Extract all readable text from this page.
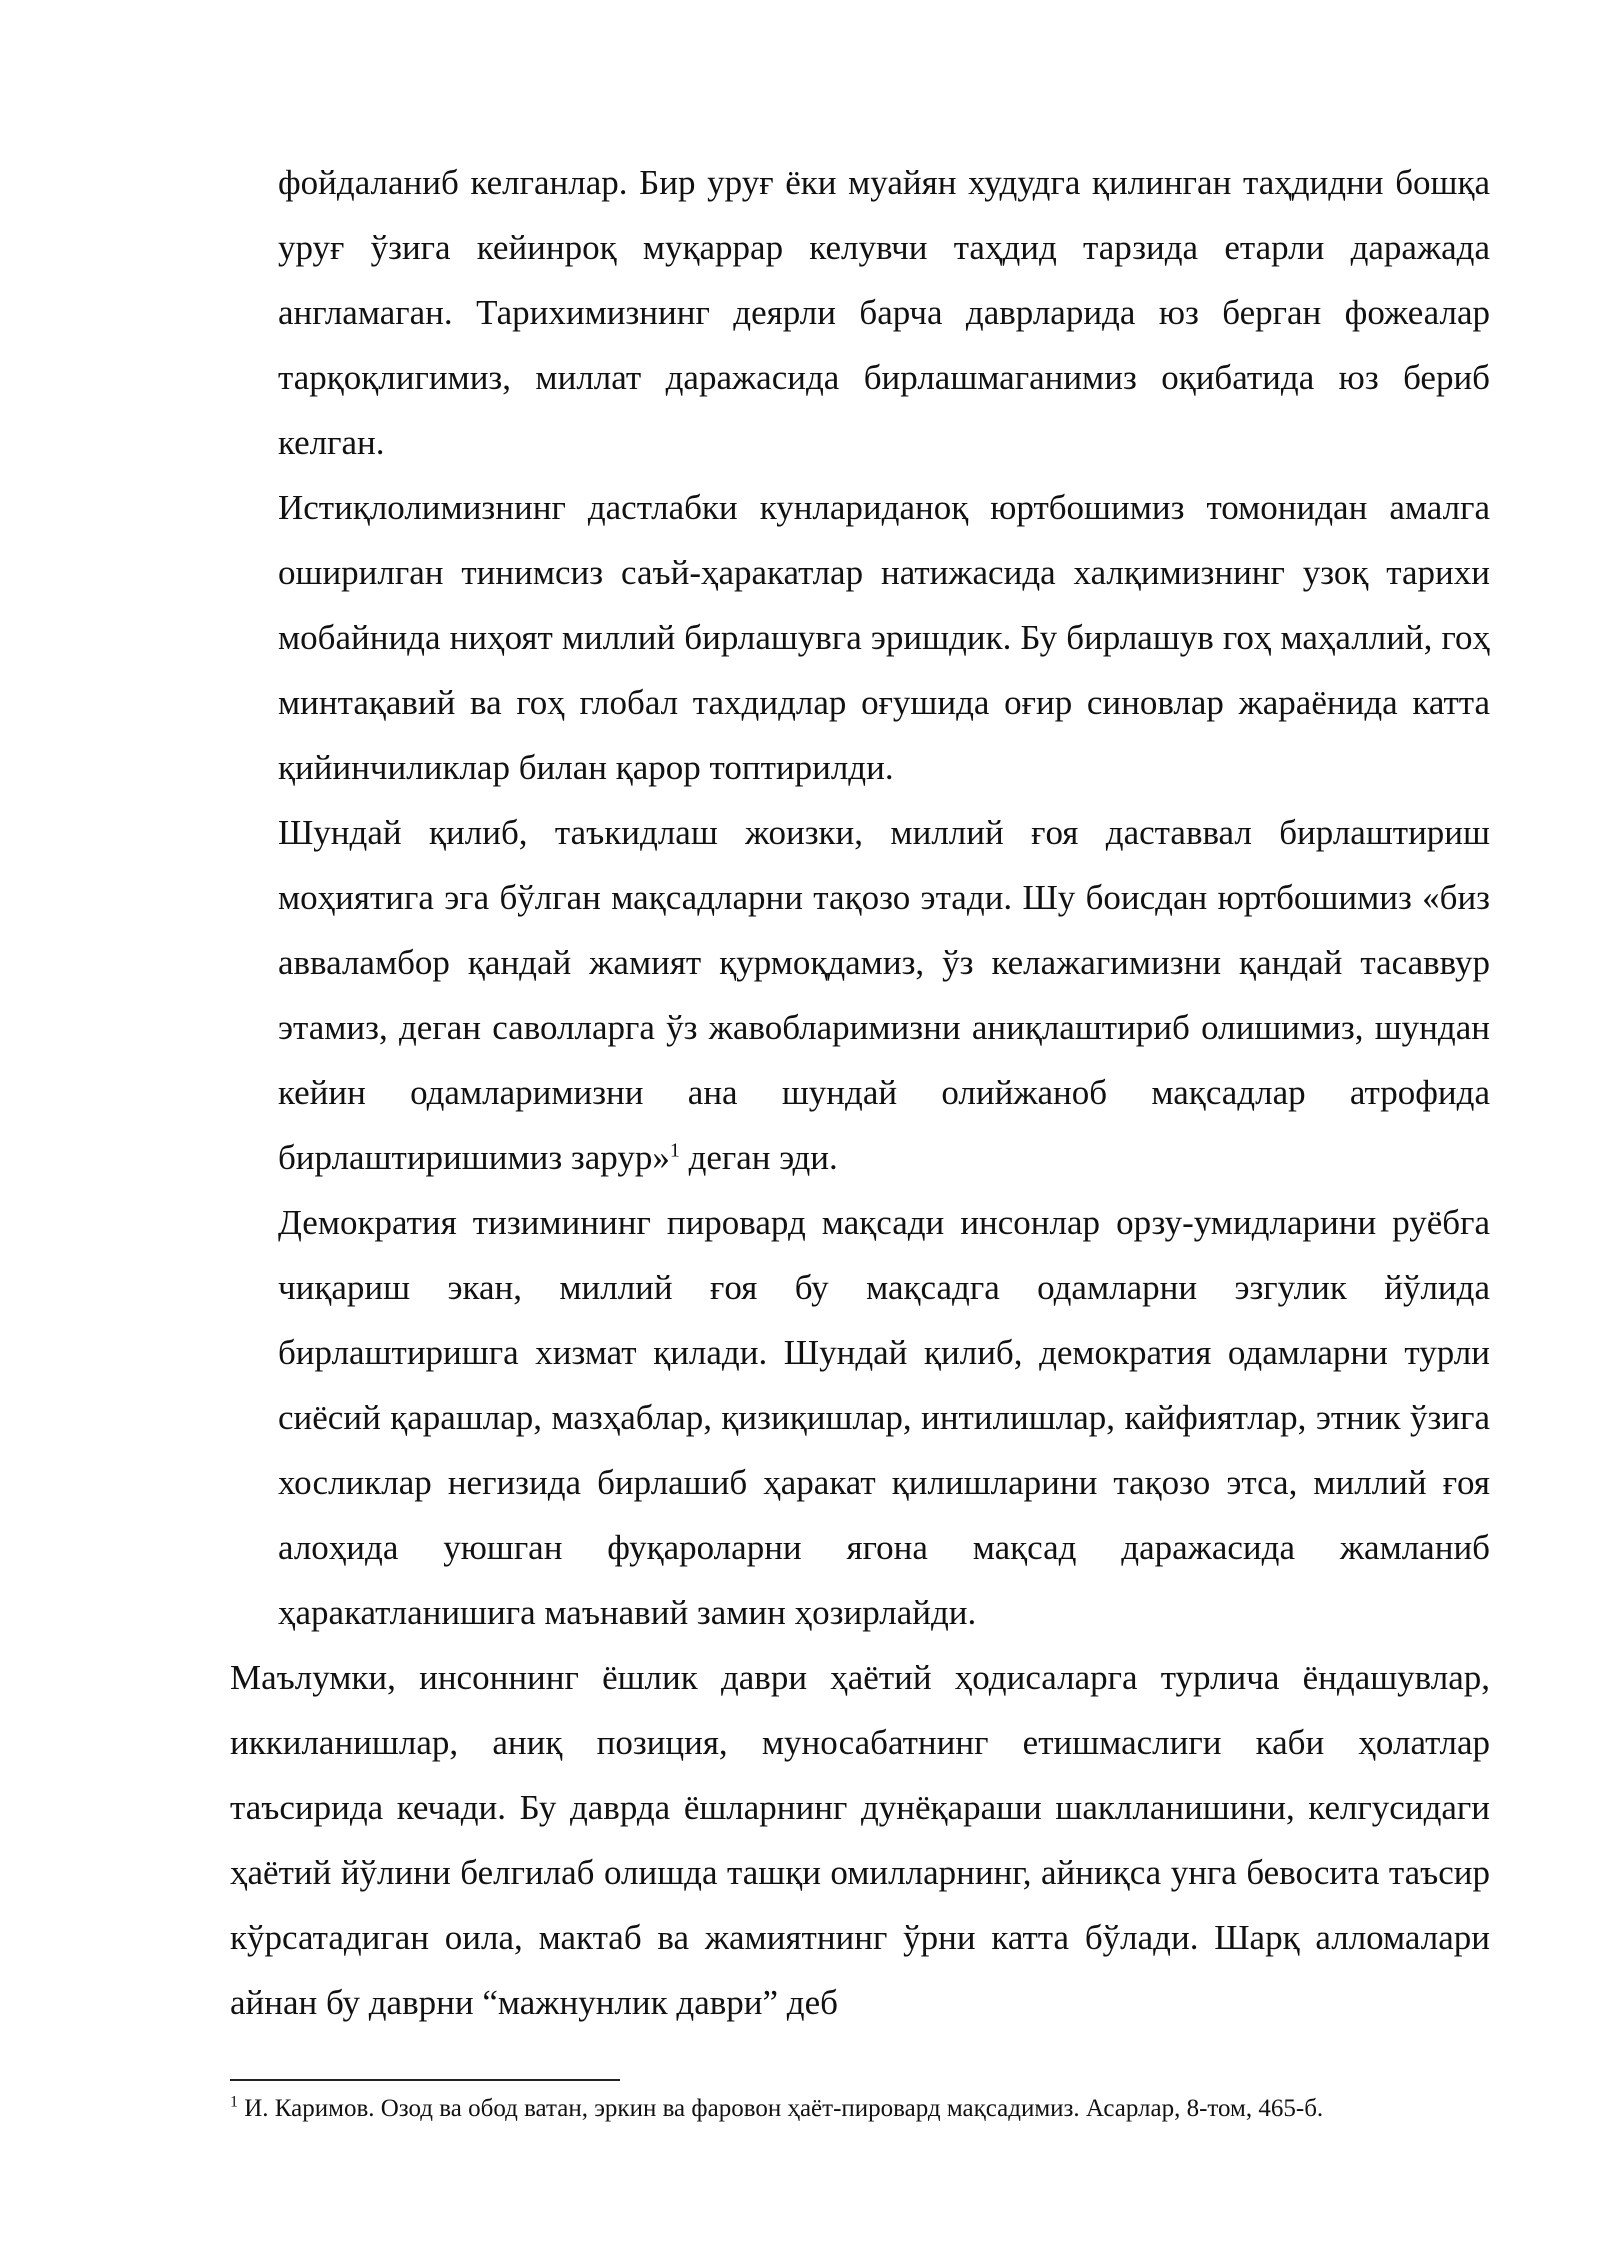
фойдаланиб келганлар. Бир уруғ ёки муайян худудга қилинган таҳдидни бошқа уруғ ўзига кейинроқ муқаррар келувчи таҳдид тарзида етарли даражада англамаган. Тарихимизнинг деярли барча даврларида юз берган фожеалар тарқоқлигимиз, миллат даражасида бирлашмаганимиз оқибатида юз бериб келган.

Истиқлолимизнинг дастлабки кунлариданоқ юртбошимиз томонидан амалга оширилган тинимсиз саъй-ҳаракатлар натижасида халқимизнинг узоқ тарихи мобайнида ниҳоят миллий бирлашувга эришдик. Бу бирлашув гоҳ маҳаллий, гоҳ минтақавий ва гоҳ глобал тахдидлар оғушида оғир синовлар жараёнида катта қийинчиликлар билан қарор топтирилди.

Шундай қилиб, таъкидлаш жоизки, миллий ғоя даставвал бирлаштириш моҳиятига эга бўлган мақсадларни тақозо этади. Шу боисдан юртбошимиз «биз аввалaмбор қандай жамият қурмоқдамиз, ўз келажагимизни қандай тасаввур этамиз, деган саволларга ўз жавобларимизни аниқлаштириб олишимиз, шундан кейин одамларимизни ана шундай олийжаноб мақсадлар атрофида бирлаштиришимиз зарур»$^1$ деган эди.

Демократия тизимининг пировард мақсади инсонлар орзу-умидларини руёбга чиқариш экан, миллий ғоя бу мақсадга одамларни эзгулик йўлида бирлаштиришга хизмат қилади. Шундай қилиб, демократия одамларни турли сиёсий қарашлар, мазҳаблар, қизиқишлар, интилишлар, кайфиятлар, этник ўзига хосликлар негизида бирлашиб ҳаракат қилишларини тақозо этса, миллий ғоя алоҳида уюшган фуқароларни ягона мақсад даражасида жамланиб ҳаракатланишига маънавий замин ҳозирлайди.

Маълумки, инсоннинг ёшлик даври ҳаётий ҳодисаларга турлича ёндашувлар, иккиланишлар, аниқ позиция, муносабатнинг етишмаслиги каби ҳолатлар таъсирида кечади. Бу даврда ёшларнинг дунёқараши шаклланишини, келгусидаги ҳаётий йўлини белгилаб олишда ташқи омилларнинг, айниқса унга бевосита таъсир кўрсатадиган оила, мактаб ва жамиятнинг ўрни катта бўлади. Шарқ алломалари айнан бу даврни “мажнунлик даври” деб

$^1$ И. Каримов. Озод ва обод ватан, эркин ва фаровон ҳаёт-пировард мақсадимиз. Асарлар, 8-том, 465-б.
